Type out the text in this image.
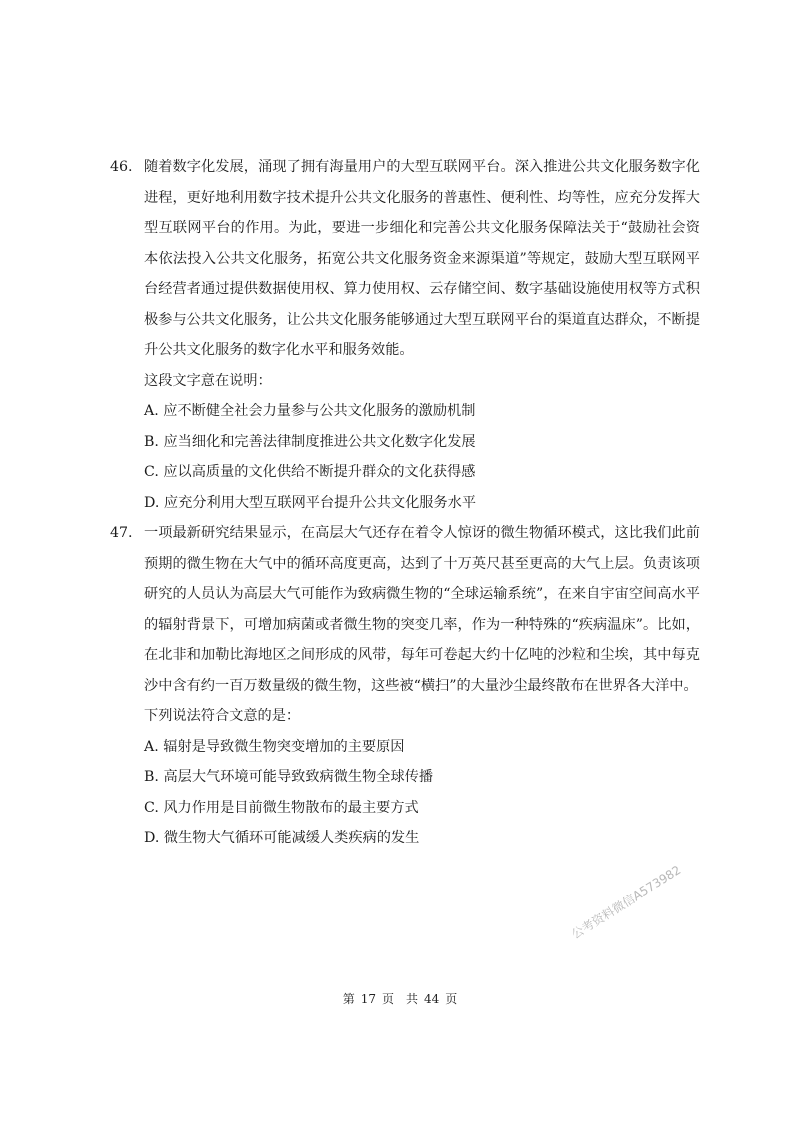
46. 随着数字化发展，涌现了拥有海量用户的大型互联网平台。深入推进公共文化服务数字化进程，更好地利用数字技术提升公共文化服务的普惠性、便利性、均等性，应充分发挥大型互联网平台的作用。为此，要进一步细化和完善公共文化服务保障法关于“鼓励社会资本依法投入公共文化服务，拓宽公共文化服务资金来源渠道”等规定，鼓励大型互联网平台经营者通过提供数据使用权、算力使用权、云存储空间、数字基础设施使用权等方式积极参与公共文化服务，让公共文化服务能够通过大型互联网平台的渠道直达群众，不断提升公共文化服务的数字化水平和服务效能。
这段文字意在说明：
A. 应不断健全社会力量参与公共文化服务的激励机制
B. 应当细化和完善法律制度推进公共文化数字化发展
C. 应以高质量的文化供给不断提升群众的文化获得感
D. 应充分利用大型互联网平台提升公共文化服务水平
47. 一项最新研究结果显示，在高层大气还存在着令人惊讶的微生物循环模式，这比我们此前预期的微生物在大气中的循环高度更高，达到了十万英尺甚至更高的大气上层。负责该项研究的人员认为高层大气可能作为致病微生物的“全球运输系统”，在来自宇宙空间高水平的辐射背景下，可增加病菌或者微生物的突变几率，作为一种特殊的“疾病温床”。比如，在北非和加勒比海地区之间形成的风带，每年可卷起大约十亿吨的沙粒和尘埃，其中每克沙中含有约一百万数量级的微生物，这些被“横扫”的大量沙尘最终散布在世界各大洋中。
下列说法符合文意的是：
A. 辐射是导致微生物突变增加的主要原因
B. 高层大气环境可能导致致病微生物全球传播
C. 风力作用是目前微生物散布的最主要方式
D. 微生物大气循环可能减缓人类疾病的发生
公考资料微信A573982
第 17 页　共 44 页
